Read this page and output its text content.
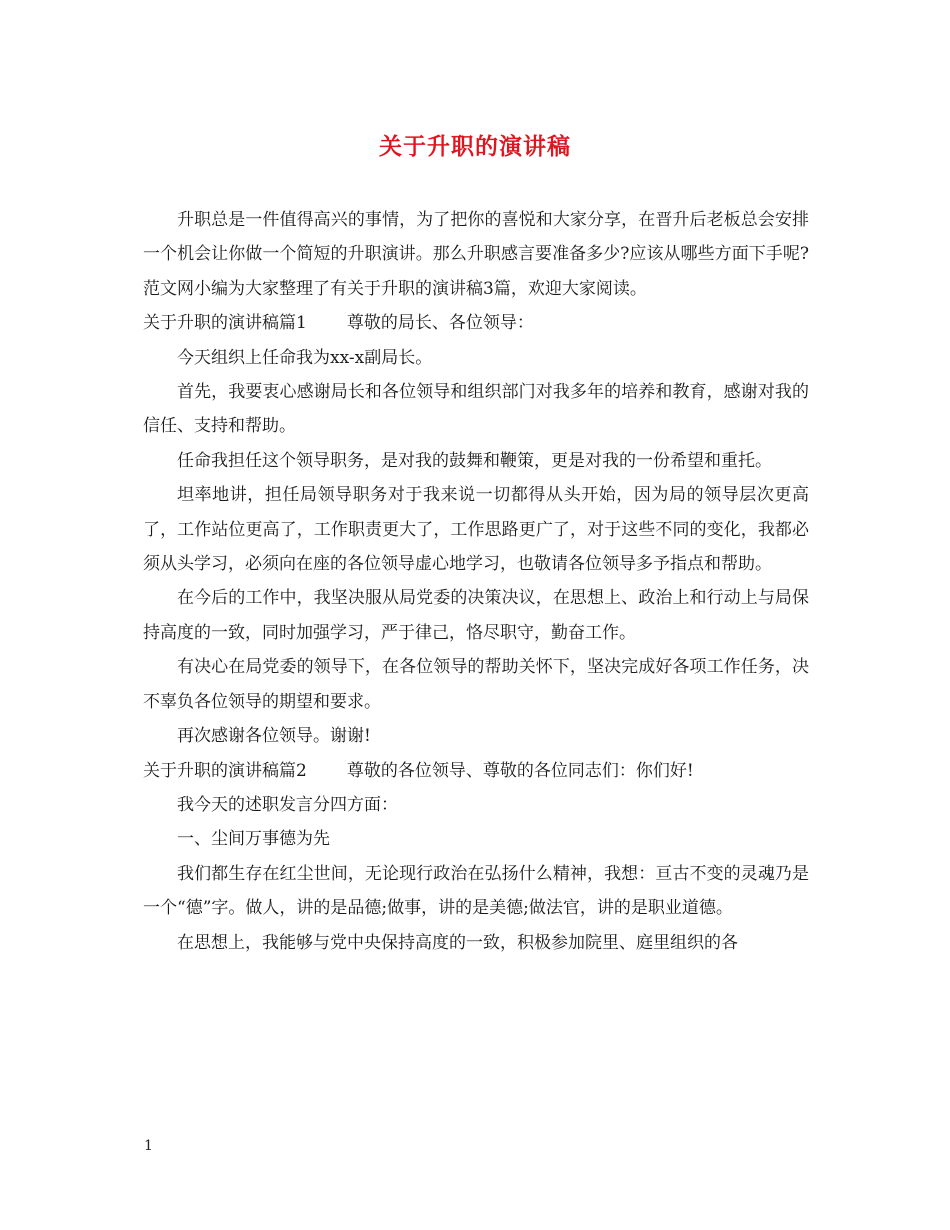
关于升职的演讲稿

升职总是一件值得高兴的事情，为了把你的喜悦和大家分享，在晋升后老板总会安排一个机会让你做一个简短的升职演讲。那么升职感言要准备多少?应该从哪些方面下手呢?范文网小编为大家整理了有关于升职的演讲稿3篇，欢迎大家阅读。

关于升职的演讲稿篇1 尊敬的局长、各位领导：

今天组织上任命我为xx-x副局长。

首先，我要衷心感谢局长和各位领导和组织部门对我多年的培养和教育，感谢对我的信任、支持和帮助。

任命我担任这个领导职务，是对我的鼓舞和鞭策，更是对我的一份希望和重托。

坦率地讲，担任局领导职务对于我来说一切都得从头开始，因为局的领导层次更高了，工作站位更高了，工作职责更大了，工作思路更广了，对于这些不同的变化，我都必须从头学习，必须向在座的各位领导虚心地学习，也敬请各位领导多予指点和帮助。

在今后的工作中，我坚决服从局党委的决策决议，在思想上、政治上和行动上与局保持高度的一致，同时加强学习，严于律己，恪尽职守，勤奋工作。

有决心在局党委的领导下，在各位领导的帮助关怀下，坚决完成好各项工作任务，决不辜负各位领导的期望和要求。

再次感谢各位领导。谢谢!

关于升职的演讲稿篇2 尊敬的各位领导、尊敬的各位同志们：你们好!

我今天的述职发言分四方面：

一、尘间万事德为先

我们都生存在红尘世间，无论现行政治在弘扬什么精神，我想：亘古不变的灵魂乃是一个“德”字。做人，讲的是品德;做事，讲的是美德;做法官，讲的是职业道德。

在思想上，我能够与党中央保持高度的一致，积极参加院里、庭里组织的各

1
